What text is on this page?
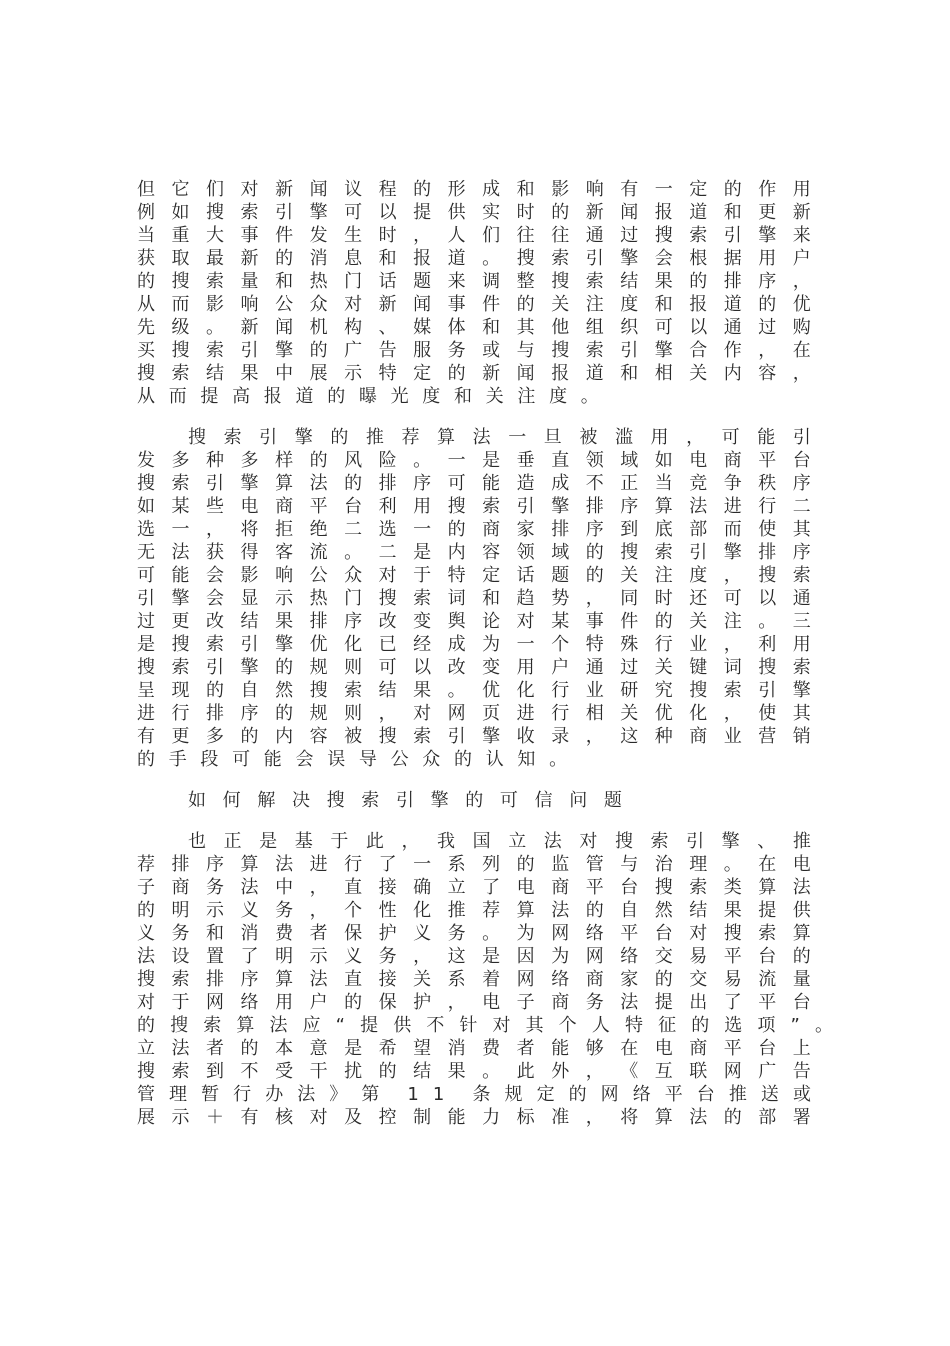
但 它 们 对 新 闻 议 程 的 形 成 和 影 响 有 一 定 的 作 用
例 如 搜 索 引 擎 可 以 提 供 实 时 的 新 闻 报 道 和 更 新
当 重 大 事 件 发 生 时 ， 人 们 往 往 通 过 搜 索 引 擎 来
获 取 最 新 的 消 息 和 报 道 。 搜 索 引 擎 会 根 据 用 户
的 搜 索 量 和 热 门 话 题 来 调 整 搜 索 结 果 的 排 序 ，
从 而 影 响 公 众 对 新 闻 事 件 的 关 注 度 和 报 道 的 优
先 级 。 新 闻 机 构 、 媒 体 和 其 他 组 织 可 以 通 过 购
买 搜 索 引 擎 的 广 告 服 务 或 与 搜 索 引 擎 合 作 ， 在
搜 索 结 果 中 展 示 特 定 的 新 闻 报 道 和 相 关 内 容 ，
从而提高报道的曝光度和关注度。
搜 索 引 擎 的 推 荐 算 法 一 旦 被 滥 用 ， 可 能 引
发 多 种 多 样 的 风 险 。 一 是 垂 直 领 域 如 电 商 平 台
搜 索 引 擎 算 法 的 排 序 可 能 造 成 不 正 当 竞 争 秩 序
如 某 些 电 商 平 台 利 用 搜 索 引 擎 排 序 算 法 进 行 二
选 一 ， 将 拒 绝 二 选 一 的 商 家 排 序 到 底 部 而 使 其
无 法 获 得 客 流 。 二 是 内 容 领 域 的 搜 索 引 擎 排 序
可 能 会 影 响 公 众 对 于 特 定 话 题 的 关 注 度 ， 搜 索
引 擎 会 显 示 热 门 搜 索 词 和 趋 势 ， 同 时 还 可 以 通
过 更 改 结 果 排 序 改 变 舆 论 对 某 事 件 的 关 注 。 三
是 搜 索 引 擎 优 化 已 经 成 为 一 个 特 殊 行 业 ， 利 用
搜 索 引 擎 的 规 则 可 以 改 变 用 户 通 过 关 键 词 搜 索
呈 现 的 自 然 搜 索 结 果 。 优 化 行 业 研 究 搜 索 引 擎
进 行 排 序 的 规 则 ， 对 网 页 进 行 相 关 优 化 ， 使 其
有 更 多 的 内 容 被 搜 索 引 擎 收 录 ， 这 种 商 业 营 销
的手段可能会误导公众的认知。
如 何 解 决 搜 索 引 擎 的 可 信 问 题
也 正 是 基 于 此 ， 我 国 立 法 对 搜 索 引 擎 、 推
荐 排 序 算 法 进 行 了 一 系 列 的 监 管 与 治 理 。 在 电
子 商 务 法 中 ， 直 接 确 立 了 电 商 平 台 搜 索 类 算 法
的 明 示 义 务 ， 个 性 化 推 荐 算 法 的 自 然 结 果 提 供
义 务 和 消 费 者 保 护 义 务 。 为 网 络 平 台 对 搜 索 算
法 设 置 了 明 示 义 务 ， 这 是 因 为 网 络 交 易 平 台 的
搜 索 排 序 算 法 直 接 关 系 着 网 络 商 家 的 交 易 流 量
对 于 网 络 用 户 的 保 护 ， 电 子 商 务 法 提 出 了 平 台
的 搜 索 算 法 应 “ 提 供 不 针 对 其 个 人 特 征 的 选 项 ” 。
立 法 者 的 本 意 是 希 望 消 费 者 能 够 在 电 商 平 台 上
搜 索 到 不 受 干 扰 的 结 果 。 此 外 ， 《 互 联 网 广 告
管 理 暂 行 办 法 》 第 1 1 条 规 定 的 网 络 平 台 推 送 或
展 示 ＋ 有 核 对 及 控 制 能 力 标 准 ， 将 算 法 的 部 署
